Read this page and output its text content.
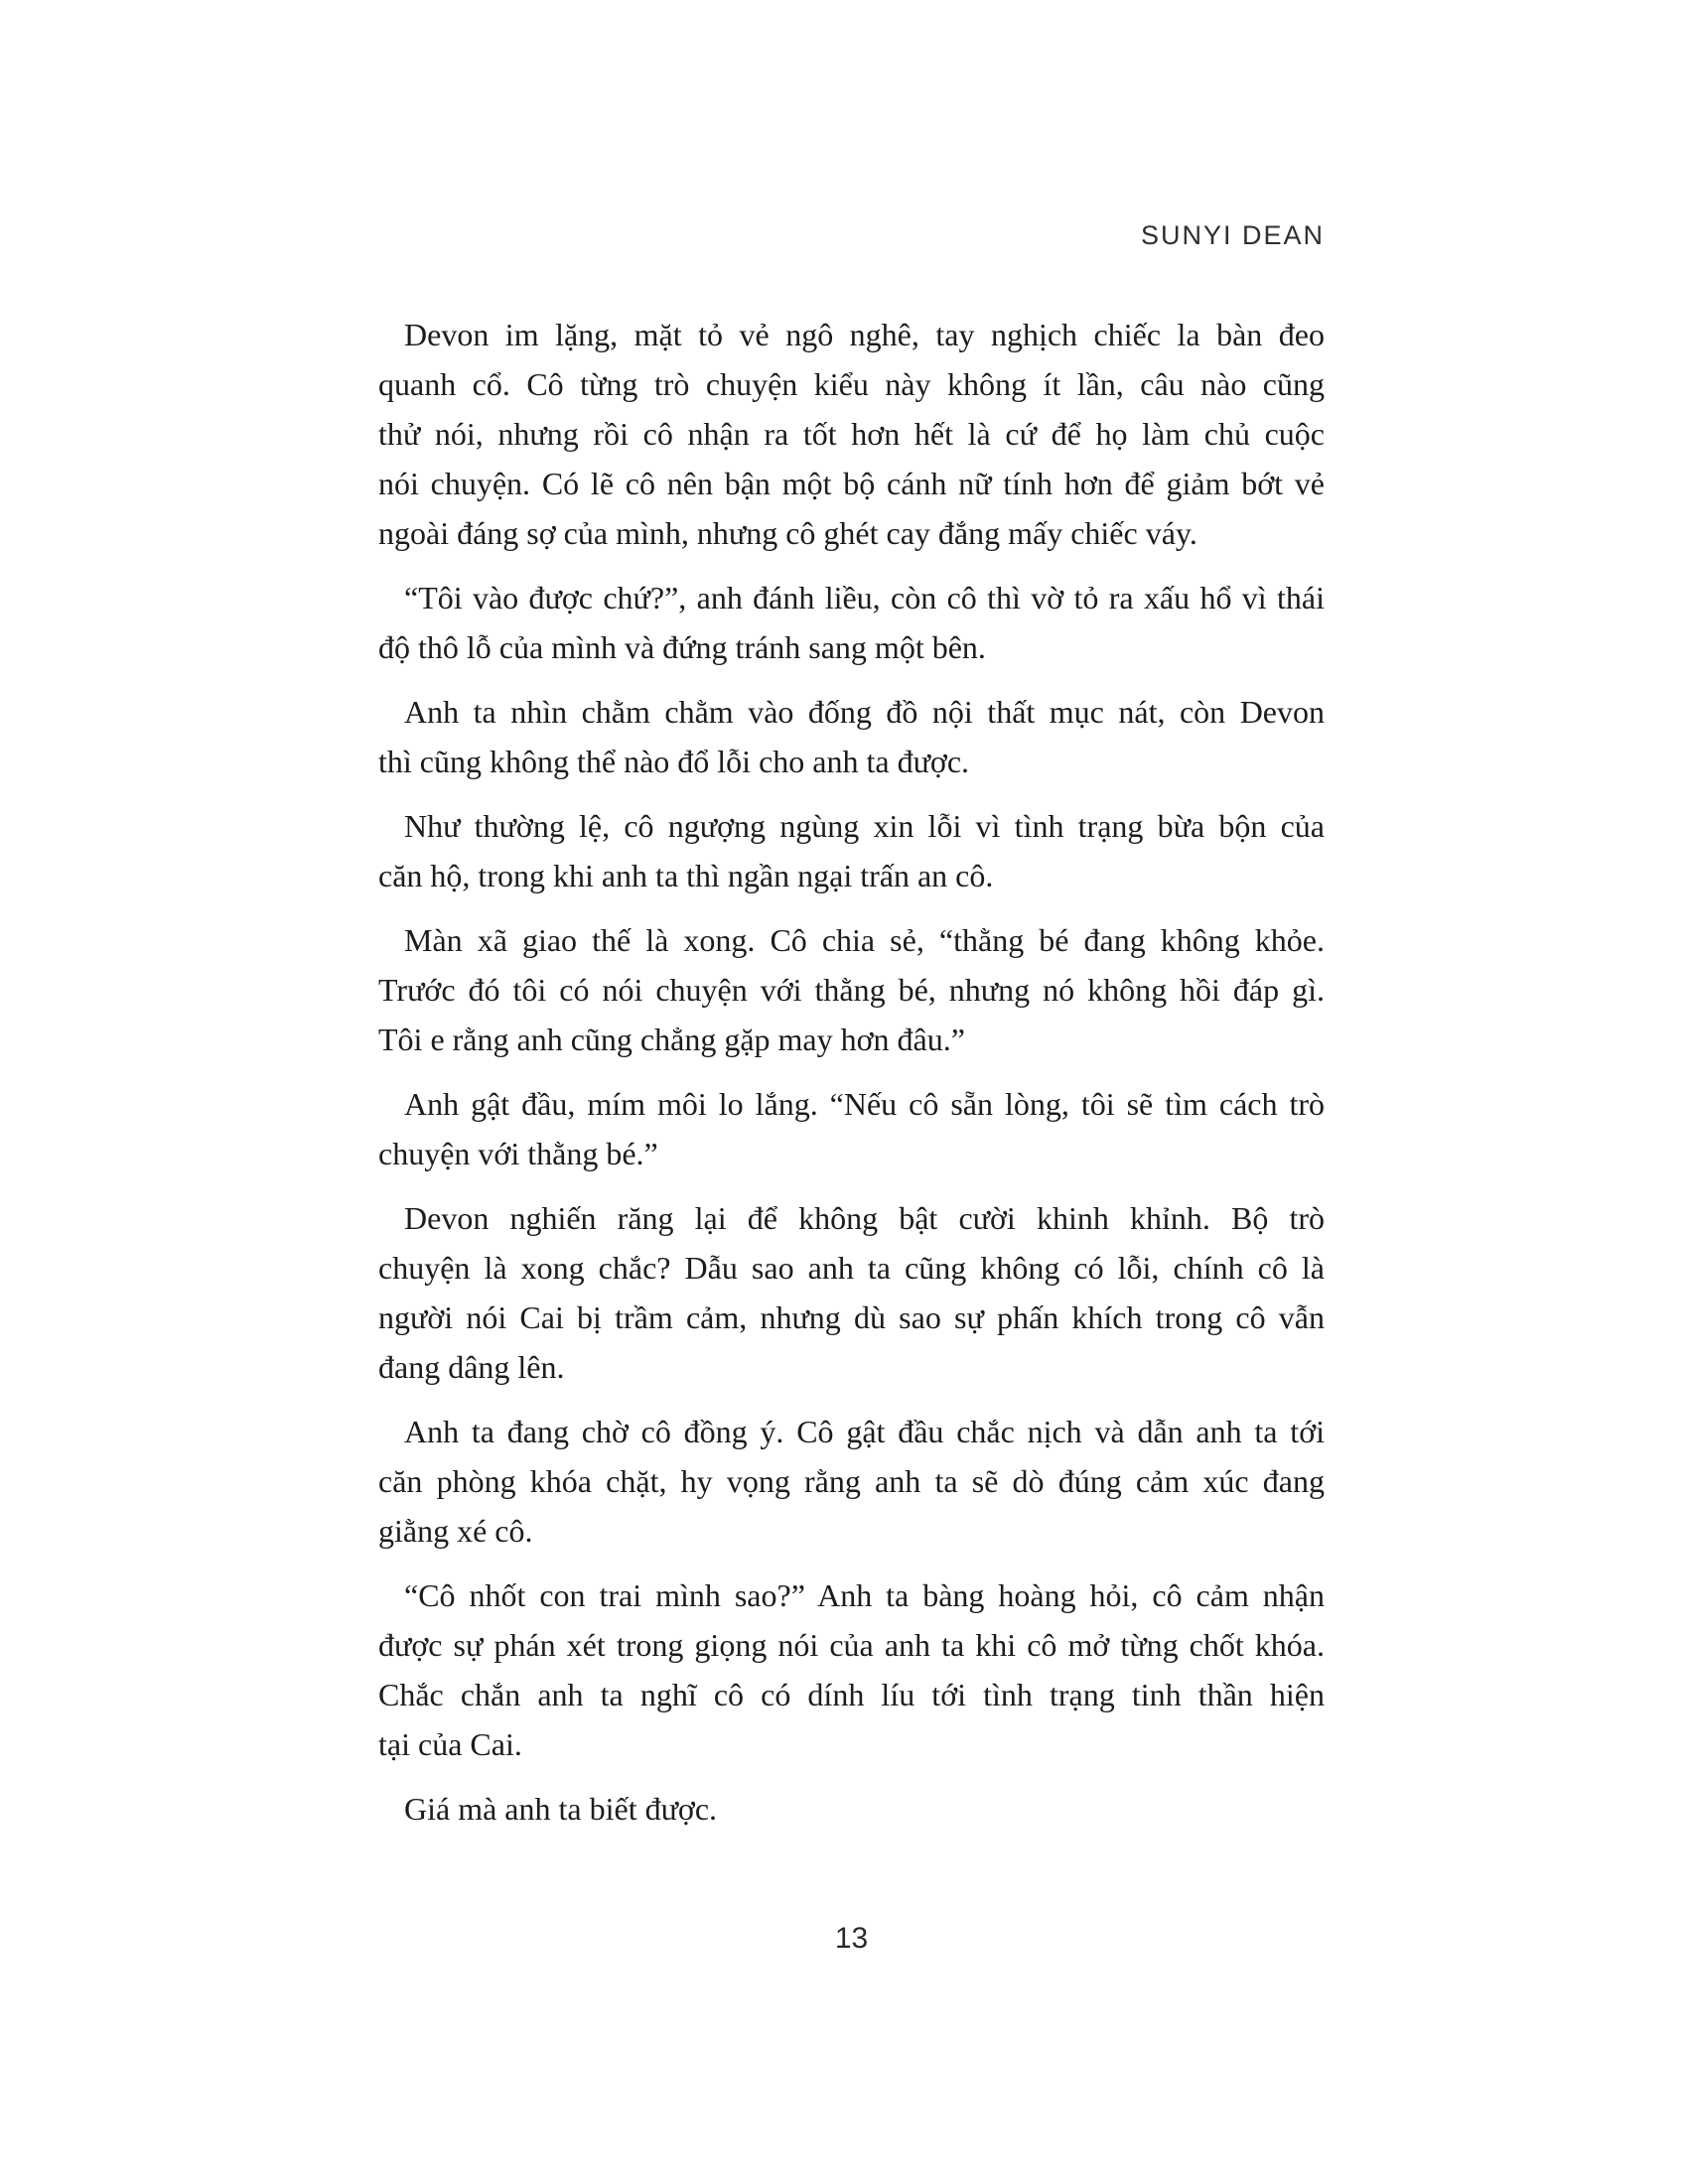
SUNYI DEAN
Devon im lặng, mặt tỏ vẻ ngô nghê, tay nghịch chiếc la bàn đeo
quanh cổ. Cô từng trò chuyện kiểu này không ít lần, câu nào cũng
thử nói, nhưng rồi cô nhận ra tốt hơn hết là cứ để họ làm chủ cuộc
nói chuyện. Có lẽ cô nên bận một bộ cánh nữ tính hơn để giảm bớt vẻ
ngoài đáng sợ của mình, nhưng cô ghét cay đắng mấy chiếc váy.
“Tôi vào được chứ?”, anh đánh liều, còn cô thì vờ tỏ ra xấu hổ vì thái
độ thô lỗ của mình và đứng tránh sang một bên.
Anh ta nhìn chằm chằm vào đống đồ nội thất mục nát, còn Devon
thì cũng không thể nào đổ lỗi cho anh ta được.
Như thường lệ, cô ngượng ngùng xin lỗi vì tình trạng bừa bộn của
căn hộ, trong khi anh ta thì ngần ngại trấn an cô.
Màn xã giao thế là xong. Cô chia sẻ, “thằng bé đang không khỏe.
Trước đó tôi có nói chuyện với thằng bé, nhưng nó không hồi đáp gì.
Tôi e rằng anh cũng chẳng gặp may hơn đâu.”
Anh gật đầu, mím môi lo lắng. “Nếu cô sẵn lòng, tôi sẽ tìm cách trò
chuyện với thằng bé.”
Devon nghiến răng lại để không bật cười khinh khỉnh. Bộ trò
chuyện là xong chắc? Dẫu sao anh ta cũng không có lỗi, chính cô là
người nói Cai bị trầm cảm, nhưng dù sao sự phấn khích trong cô vẫn
đang dâng lên.
Anh ta đang chờ cô đồng ý. Cô gật đầu chắc nịch và dẫn anh ta tới
căn phòng khóa chặt, hy vọng rằng anh ta sẽ dò đúng cảm xúc đang
giằng xé cô.
“Cô nhốt con trai mình sao?” Anh ta bàng hoàng hỏi, cô cảm nhận
được sự phán xét trong giọng nói của anh ta khi cô mở từng chốt khóa.
Chắc chắn anh ta nghĩ cô có dính líu tới tình trạng tinh thần hiện
tại của Cai.
Giá mà anh ta biết được.
13
